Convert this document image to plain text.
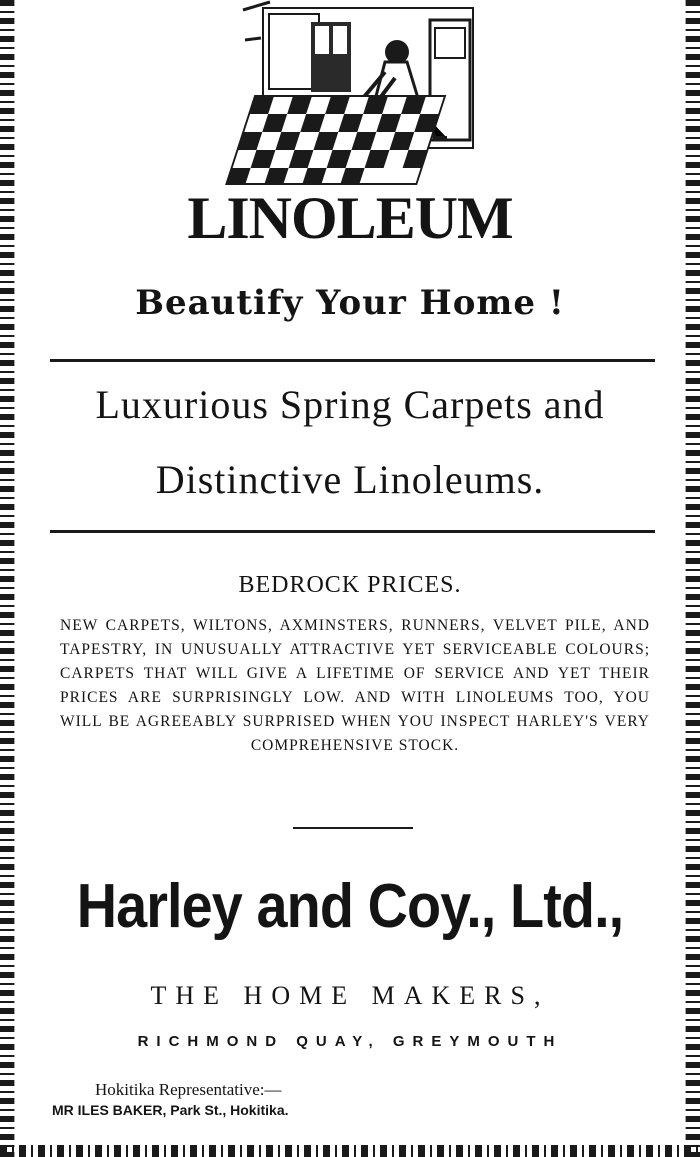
LINOLEUM
Beautify Your Home !
Luxurious Spring Carpets and
Distinctive Linoleums.
BEDROCK PRICES.
NEW CARPETS, WILTONS, AXMINSTERS, RUNNERS, VELVET PILE, AND TAPESTRY, IN UNUSUALLY ATTRACTIVE YET SERVICEABLE COLOURS; CARPETS THAT WILL GIVE A LIFETIME OF SERVICE AND YET THEIR PRICES ARE SURPRISINGLY LOW. AND WITH LINOLEUMS TOO, YOU WILL BE AGREEABLY SURPRISED WHEN YOU INSPECT HARLEY'S VERY COMPREHENSIVE STOCK.
Harley and Coy., Ltd.,
THE HOME MAKERS,
RICHMOND QUAY, GREYMOUTH
Hokitika Representative:—
MR ILES BAKER, Park St., Hokitika.
